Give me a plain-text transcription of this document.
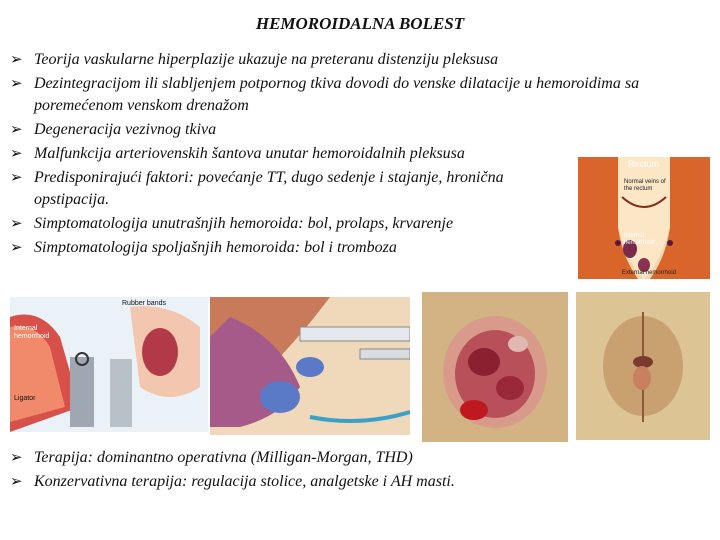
HEMOROIDALNA BOLEST
➢ Teorija vaskularne hiperplazije ukazuje na preteranu distenziju pleksusa
➢ Dezintegracijom ili slabljenjem potpornog tkiva dovodi do venske dilatacije u hemoroidima sa poremećenom venskom drenažom
➢ Degeneracija vezivnog tkiva
➢ Malfunkcija arteriovenskih šantova unutar hemoroidalnih pleksusa
➢ Predisponirajući faktori: povećanje TT, dugo sedenje i stajanje, hronična opstipacija.
➢ Simptomatologija unutrašnjih hemoroida: bol, prolaps, krvarenje
➢ Simptomatologija spoljašnjih hemoroida: bol i tromboza
Rectum
Normal veins of the rectum
Internal hemorrhoid
External hemorrhoid
Rubber bands
Internal hemorrhoid
Ligator
➢ Terapija: dominantno operativna (Milligan-Morgan, THD)
➢ Konzervativna terapija: regulacija stolice, analgetske i AH masti.
